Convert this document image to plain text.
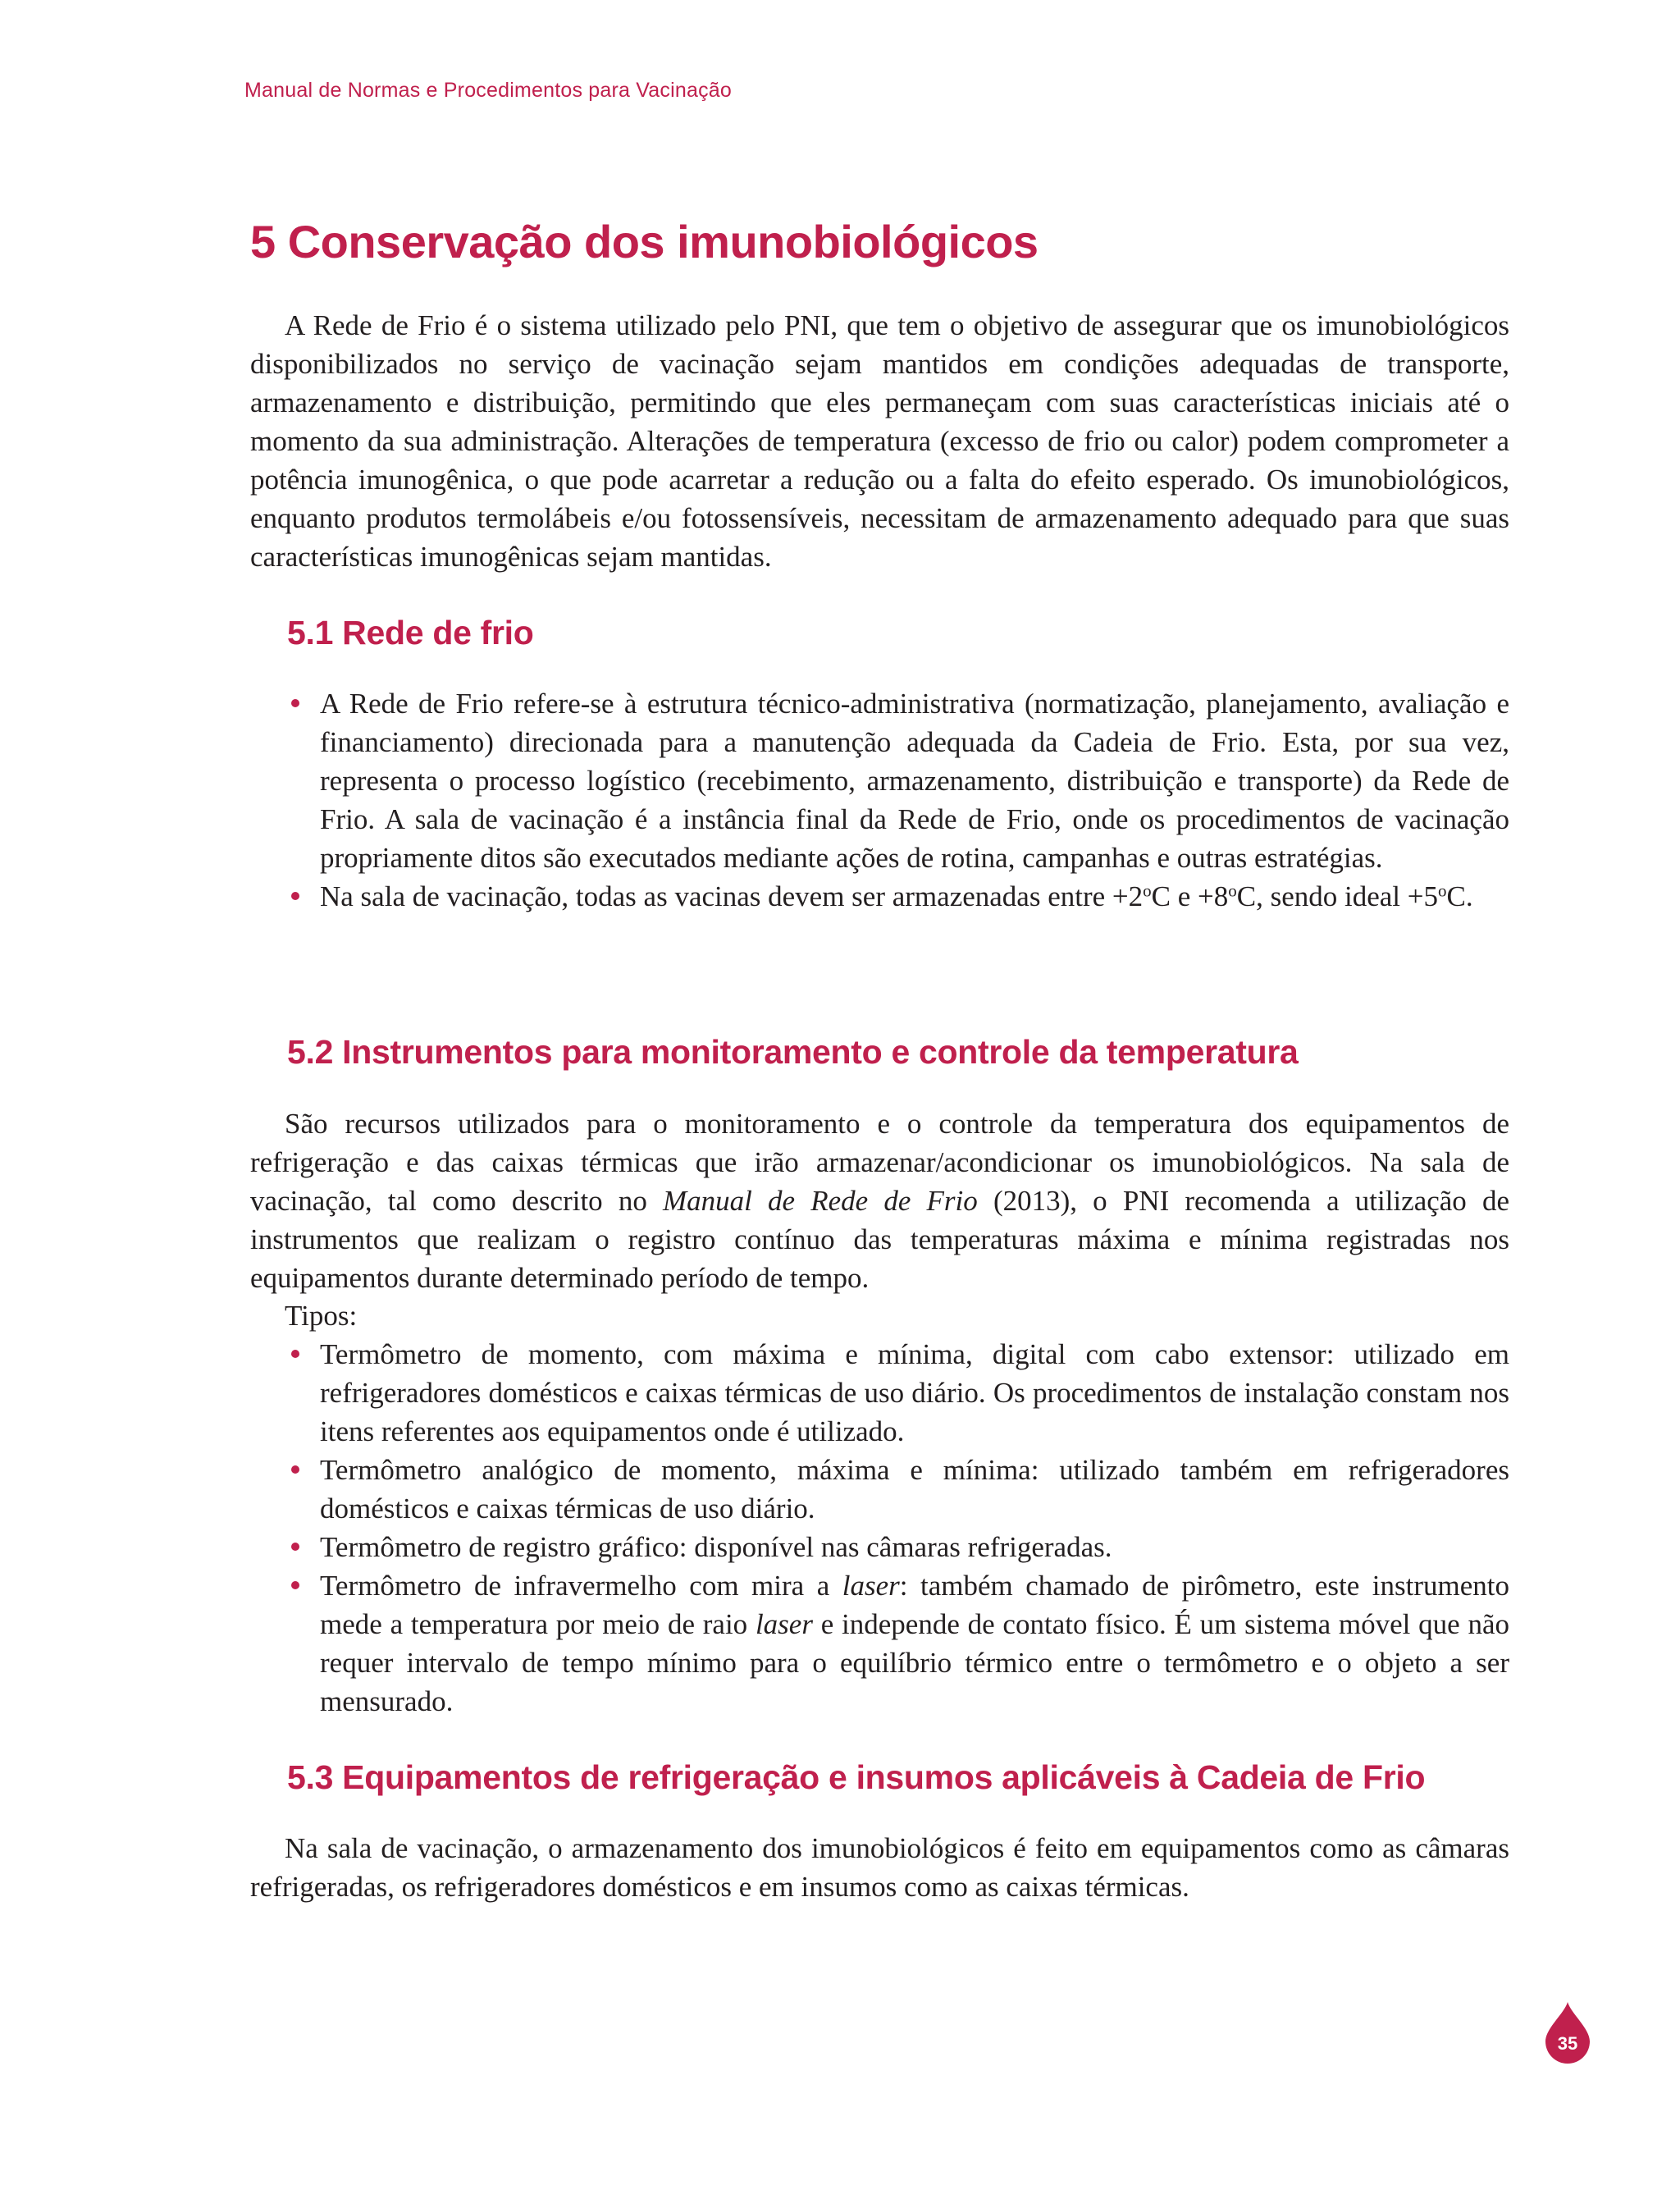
Manual de Normas e Procedimentos para Vacinação
5 Conservação dos imunobiológicos

A Rede de Frio é o sistema utilizado pelo PNI, que tem o objetivo de assegurar que os imunobiológicos disponibilizados no serviço de vacinação sejam mantidos em condições adequadas de transporte, armazenamento e distribuição, permitindo que eles permaneçam com suas características iniciais até o momento da sua administração. Alterações de temperatura (excesso de frio ou calor) podem comprometer a potência imunogênica, o que pode acarretar a redução ou a falta do efeito esperado. Os imunobiológicos, enquanto produtos termolábeis e/ou fotossensíveis, necessitam de armazenamento adequado para que suas características imunogênicas sejam mantidas.

5.1 Rede de frio
A Rede de Frio refere-se à estrutura técnico-administrativa (normatização, planejamento, avaliação e financiamento) direcionada para a manutenção adequada da Cadeia de Frio. Esta, por sua vez, representa o processo logístico (recebimento, armazenamento, distribuição e transporte) da Rede de Frio. A sala de vacinação é a instância final da Rede de Frio, onde os procedimentos de vacinação propriamente ditos são executados mediante ações de rotina, campanhas e outras estratégias.
Na sala de vacinação, todas as vacinas devem ser armazenadas entre $+2^oC$ $e +8^oC$, sendo ideal $+5^oC$.
5.2 Instrumentos para monitoramento e controle da temperatura

São recursos utilizados para o monitoramento e o controle da temperatura dos equipamentos de refrigeração e das caixas térmicas que irão armazenar/acondicionar os imunobiológicos. Na sala de vacinação, tal como descrito no Manual de Rede de Frio (2013), o PNI recomenda a utilização de instrumentos que realizam o registro contínuo das temperaturas máxima e mínima registradas nos equipamentos durante determinado período de tempo.

Tipos:

Termômetro de momento, com máxima e mínima, digital com cabo extensor: utilizado em refrigeradores domésticos e caixas térmicas de uso diário. Os procedimentos de instalação constam nos itens referentes aos equipamentos onde é utilizado.
Termômetro analógico de momento, máxima e mínima: utilizado também em refrigeradores domésticos e caixas térmicas de uso diário.
Termômetro de registro gráfico: disponível nas câmaras refrigeradas.
Termômetro de infravermelho com mira a laser: também chamado de pirômetro, este instrumento mede a temperatura por meio de raio laser e independe de contato físico. É um sistema móvel que não requer intervalo de tempo mínimo para o equilíbrio térmico entre o termômetro e o objeto a ser mensurado.
5.3 Equipamentos de refrigeração e insumos aplicáveis à Cadeia de Frio

Na sala de vacinação, o armazenamento dos imunobiológicos é feito em equipamentos como as câmaras refrigeradas, os refrigeradores domésticos e em insumos como as caixas térmicas.

35
